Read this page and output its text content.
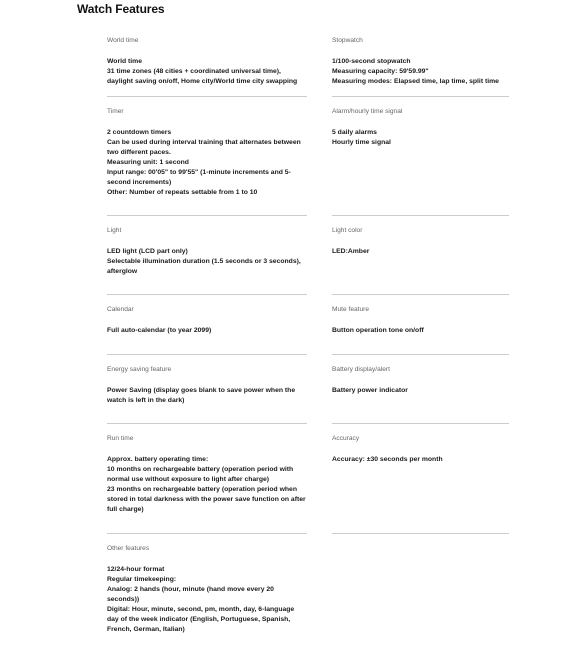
Watch Features
World time
World time
31 time zones (48 cities + coordinated universal time), daylight saving on/off, Home city/World time city swapping
Timer
2 countdown timers
Can be used during interval training that alternates between two different paces.
Measuring unit: 1 second
Input range: 00'05" to 99'55" (1-minute increments and 5-second increments)
Other: Number of repeats settable from 1 to 10
Light
LED light (LCD part only)
Selectable illumination duration (1.5 seconds or 3 seconds), afterglow
Calendar
Full auto-calendar (to year 2099)
Energy saving feature
Power Saving (display goes blank to save power when the watch is left in the dark)
Run time
Approx. battery operating time:
10 months on rechargeable battery (operation period with normal use without exposure to light after charge)
23 months on rechargeable battery (operation period when stored in total darkness with the power save function on after full charge)
Other features
12/24-hour format
Regular timekeeping:
Analog: 2 hands (hour, minute (hand move every 20 seconds))
Digital: Hour, minute, second, pm, month, day, 6-language day of the week indicator (English, Portuguese, Spanish, French, German, Italian)
Stopwatch
1/100-second stopwatch
Measuring capacity: 59'59.99"
Measuring modes: Elapsed time, lap time, split time
Alarm/hourly time signal
5 daily alarms
Hourly time signal
Light color
LED:Amber
Mute feature
Button operation tone on/off
Battery display/alert
Battery power indicator
Accuracy
Accuracy: ±30 seconds per month
